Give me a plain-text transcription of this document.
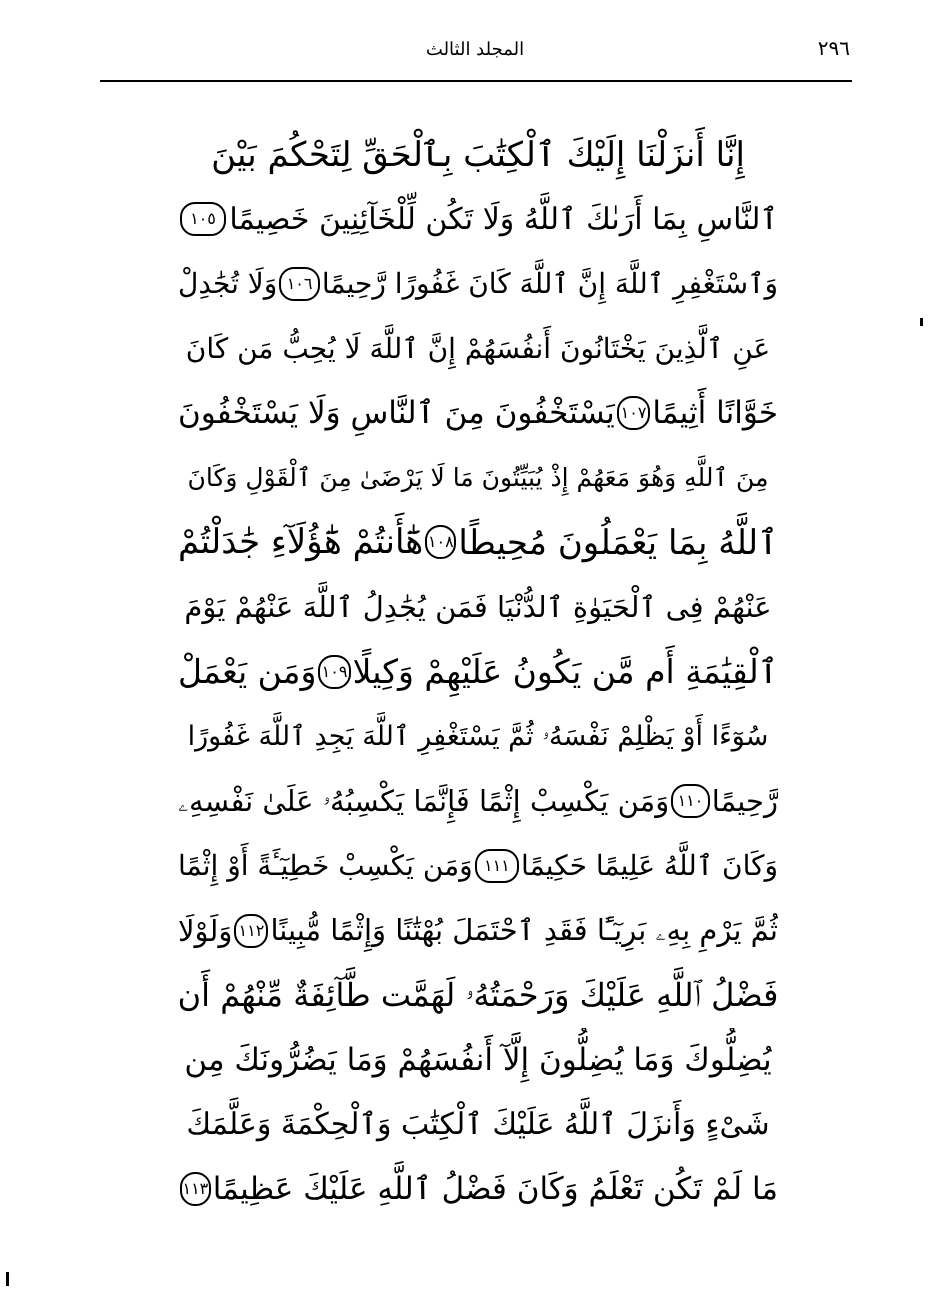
٢٩٦
المجلد الثالث
إِنَّا أَنزَلْنَا إِلَيْكَ ٱلْكِتَٰبَ بِٱلْحَقِّ لِتَحْكُمَ بَيْنَ
ٱلنَّاسِ بِمَا أَرَىٰكَ ٱللَّهُ وَلَا تَكُن لِّلْخَآئِنِينَ خَصِيمًا
١٠٥
وَٱسْتَغْفِرِ ٱللَّهَ إِنَّ ٱللَّهَ كَانَ غَفُورًا رَّحِيمًا
١٠٦
وَلَا تُجَٰدِلْ
عَنِ ٱلَّذِينَ يَخْتَانُونَ أَنفُسَهُمْ إِنَّ ٱللَّهَ لَا يُحِبُّ مَن كَانَ
خَوَّانًا أَثِيمًا
١٠٧
يَسْتَخْفُونَ مِنَ ٱلنَّاسِ وَلَا يَسْتَخْفُونَ
مِنَ ٱللَّهِ وَهُوَ مَعَهُمْ إِذْ يُبَيِّتُونَ مَا لَا يَرْضَىٰ مِنَ ٱلْقَوْلِ وَكَانَ
ٱللَّهُ بِمَا يَعْمَلُونَ مُحِيطًا
١٠٨
هَٰٓأَنتُمْ هَٰٓؤُلَآءِ جَٰدَلْتُمْ
عَنْهُمْ فِى ٱلْحَيَوٰةِ ٱلدُّنْيَا فَمَن يُجَٰدِلُ ٱللَّهَ عَنْهُمْ يَوْمَ
ٱلْقِيَٰمَةِ أَم مَّن يَكُونُ عَلَيْهِمْ وَكِيلًا
١٠٩
وَمَن يَعْمَلْ
سُوٓءًا أَوْ يَظْلِمْ نَفْسَهُۥ ثُمَّ يَسْتَغْفِرِ ٱللَّهَ يَجِدِ ٱللَّهَ غَفُورًا
رَّحِيمًا
١١٠
وَمَن يَكْسِبْ إِثْمًا فَإِنَّمَا يَكْسِبُهُۥ عَلَىٰ نَفْسِهِۦ
وَكَانَ ٱللَّهُ عَلِيمًا حَكِيمًا
١١١
وَمَن يَكْسِبْ خَطِيٓـَٔةً أَوْ إِثْمًا
ثُمَّ يَرْمِ بِهِۦ بَرِيٓـًٔا فَقَدِ ٱحْتَمَلَ بُهْتَٰنًا وَإِثْمًا مُّبِينًا
١١٢
وَلَوْلَا
فَضْلُ ٱللَّهِ عَلَيْكَ وَرَحْمَتُهُۥ لَهَمَّت طَّآئِفَةٌ مِّنْهُمْ أَن
يُضِلُّوكَ وَمَا يُضِلُّونَ إِلَّآ أَنفُسَهُمْ وَمَا يَضُرُّونَكَ مِن
شَىْءٍ وَأَنزَلَ ٱللَّهُ عَلَيْكَ ٱلْكِتَٰبَ وَٱلْحِكْمَةَ وَعَلَّمَكَ
مَا لَمْ تَكُن تَعْلَمُ وَكَانَ فَضْلُ ٱللَّهِ عَلَيْكَ عَظِيمًا
١١٣
